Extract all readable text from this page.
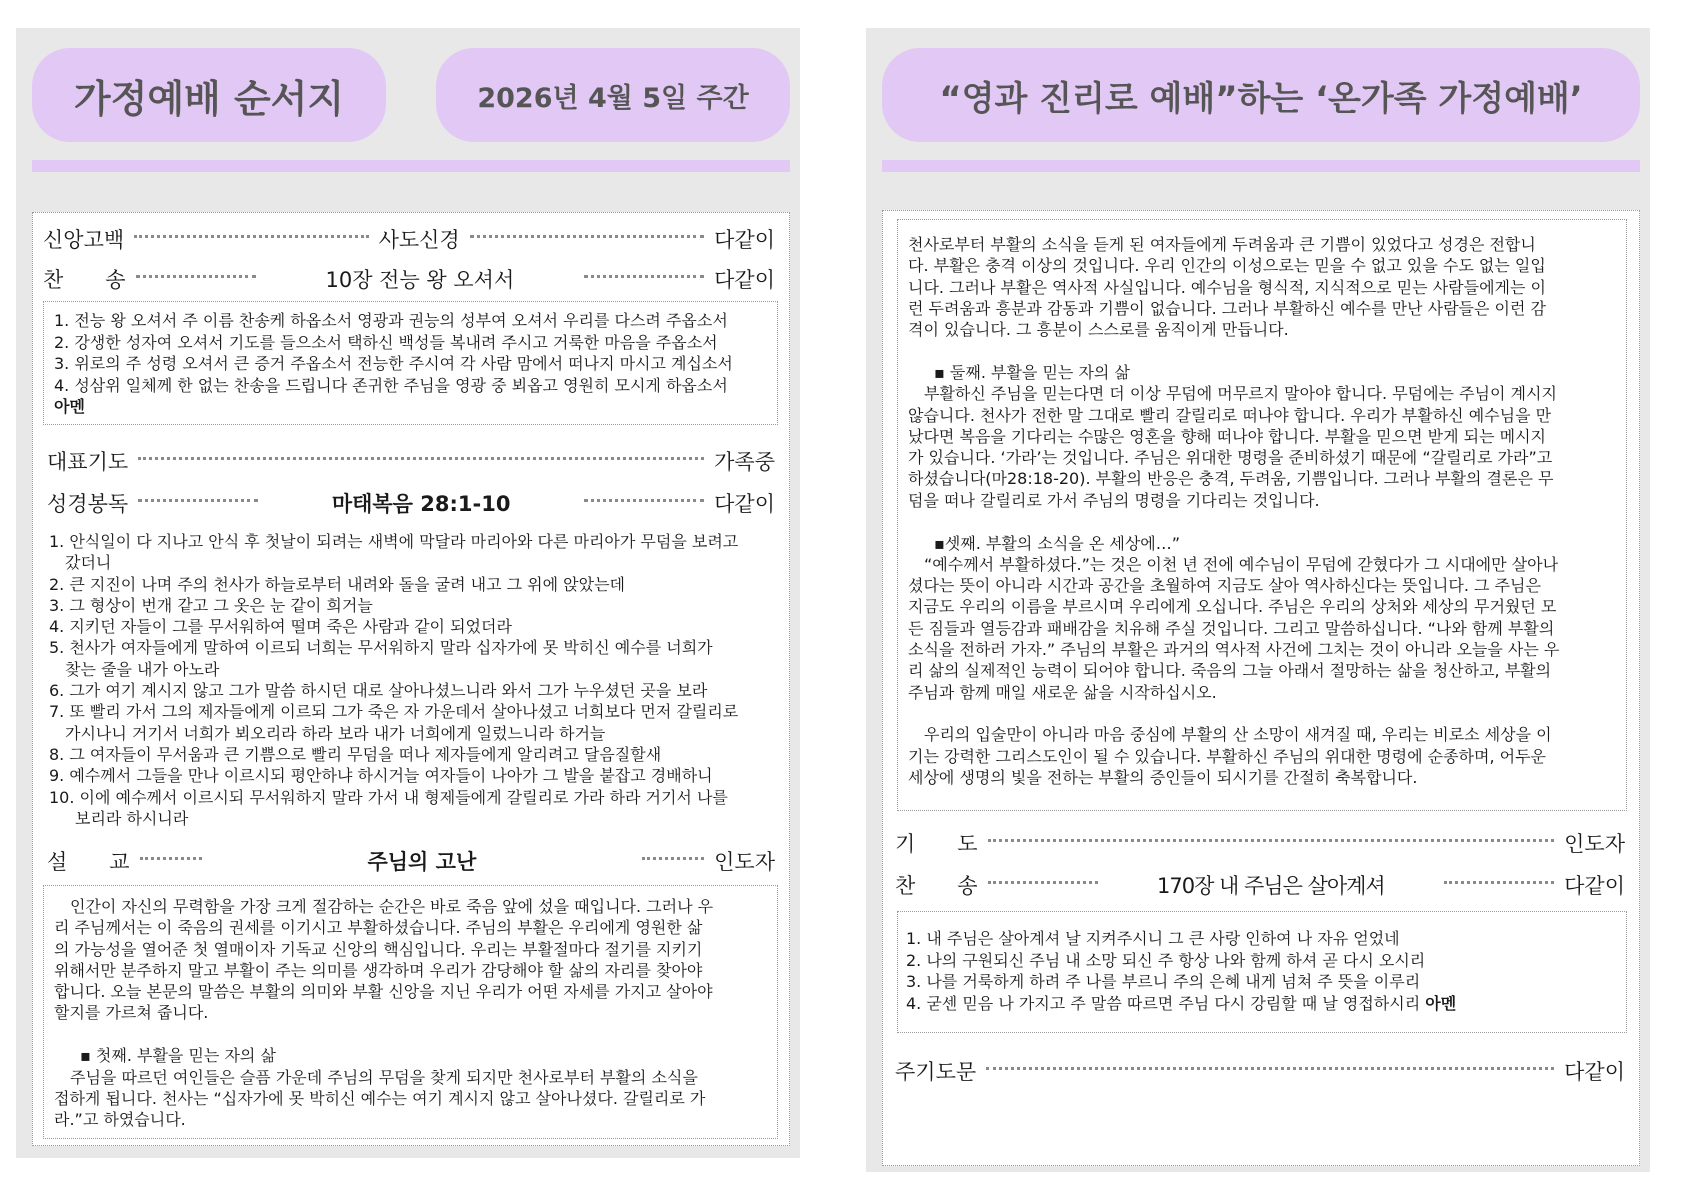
가정예배 순서지	2026년 4월 5일 주간
신앙고백	사도신경	다같이
찬　　송	10장 전능 왕 오셔서	다같이
1. 전능 왕 오셔서 주 이름 찬송케 하옵소서 영광과 권능의 성부여 오셔서 우리를 다스려 주옵소서
2. 강생한 성자여 오셔서 기도를 들으소서 택하신 백성들 복내려 주시고 거룩한 마음을 주옵소서
3. 위로의 주 성령 오셔서 큰 증거 주옵소서 전능한 주시여 각 사람 맘에서 떠나지 마시고 계십소서
4. 성삼위 일체께 한 없는 찬송을 드립니다 존귀한 주님을 영광 중 뵈옵고 영원히 모시게 하옵소서
아멘
대표기도	가족중
성경봉독	마태복음 28:1-10	다같이
1. 안식일이 다 지나고 안식 후 첫날이 되려는 새벽에 막달라 마리아와 다른 마리아가 무덤을 보려고
갔더니
2. 큰 지진이 나며 주의 천사가 하늘로부터 내려와 돌을 굴려 내고 그 위에 앉았는데
3. 그 형상이 번개 같고 그 옷은 눈 같이 희거늘
4. 지키던 자들이 그를 무서워하여 떨며 죽은 사람과 같이 되었더라
5. 천사가 여자들에게 말하여 이르되 너희는 무서워하지 말라 십자가에 못 박히신 예수를 너희가
찾는 줄을 내가 아노라
6. 그가 여기 계시지 않고 그가 말씀 하시던 대로 살아나셨느니라 와서 그가 누우셨던 곳을 보라
7. 또 빨리 가서 그의 제자들에게 이르되 그가 죽은 자 가운데서 살아나셨고 너희보다 먼저 갈릴리로
가시나니 거기서 너희가 뵈오리라 하라 보라 내가 너희에게 일렀느니라 하거늘
8. 그 여자들이 무서움과 큰 기쁨으로 빨리 무덤을 떠나 제자들에게 알리려고 달음질할새
9. 예수께서 그들을 만나 이르시되 평안하냐 하시거늘 여자들이 나아가 그 발을 붙잡고 경배하니
10. 이에 예수께서 이르시되 무서워하지 말라 가서 내 형제들에게 갈릴리로 가라 하라 거기서 나를
보리라 하시니라
설　　교	주님의 고난	인도자
인간이 자신의 무력함을 가장 크게 절감하는 순간은 바로 죽음 앞에 섰을 때입니다. 그러나 우
리 주님께서는 이 죽음의 권세를 이기시고 부활하셨습니다. 주님의 부활은 우리에게 영원한 삶
의 가능성을 열어준 첫 열매이자 기독교 신앙의 핵심입니다. 우리는 부활절마다 절기를 지키기
위해서만 분주하지 말고 부활이 주는 의미를 생각하며 우리가 감당해야 할 삶의 자리를 찾아야
합니다. 오늘 본문의 말씀은 부활의 의미와 부활 신앙을 지닌 우리가 어떤 자세를 가지고 살아야
할지를 가르쳐 줍니다.
▪ 첫째. 부활을 믿는 자의 삶
주님을 따르던 여인들은 슬픔 가운데 주님의 무덤을 찾게 되지만 천사로부터 부활의 소식을
접하게 됩니다. 천사는 “십자가에 못 박히신 예수는 여기 계시지 않고 살아나셨다. 갈릴리로 가
라.”고 하였습니다.
“영과 진리로 예배”하는 ‘온가족 가정예배’
천사로부터 부활의 소식을 듣게 된 여자들에게 두려움과 큰 기쁨이 있었다고 성경은 전합니
다. 부활은 충격 이상의 것입니다. 우리 인간의 이성으로는 믿을 수 없고 있을 수도 없는 일입
니다. 그러나 부활은 역사적 사실입니다. 예수님을 형식적, 지식적으로 믿는 사람들에게는 이
런 두려움과 흥분과 감동과 기쁨이 없습니다. 그러나 부활하신 예수를 만난 사람들은 이런 감
격이 있습니다. 그 흥분이 스스로를 움직이게 만듭니다.
▪ 둘째. 부활을 믿는 자의 삶
부활하신 주님을 믿는다면 더 이상 무덤에 머무르지 말아야 합니다. 무덤에는 주님이 계시지
않습니다. 천사가 전한 말 그대로 빨리 갈릴리로 떠나야 합니다. 우리가 부활하신 예수님을 만
났다면 복음을 기다리는 수많은 영혼을 향해 떠나야 합니다. 부활을 믿으면 받게 되는 메시지
가 있습니다. ‘가라’는 것입니다. 주님은 위대한 명령을 준비하셨기 때문에 “갈릴리로 가라”고
하셨습니다(마28:18-20). 부활의 반응은 충격, 두려움, 기쁨입니다. 그러나 부활의 결론은 무
덤을 떠나 갈릴리로 가서 주님의 명령을 기다리는 것입니다.
▪셋째. 부활의 소식을 온 세상에…”
“예수께서 부활하셨다.”는 것은 이천 년 전에 예수님이 무덤에 갇혔다가 그 시대에만 살아나
셨다는 뜻이 아니라 시간과 공간을 초월하여 지금도 살아 역사하신다는 뜻입니다. 그 주님은
지금도 우리의 이름을 부르시며 우리에게 오십니다. 주님은 우리의 상처와 세상의 무거웠던 모
든 짐들과 열등감과 패배감을 치유해 주실 것입니다. 그리고 말씀하십니다. “나와 함께 부활의
소식을 전하러 가자.” 주님의 부활은 과거의 역사적 사건에 그치는 것이 아니라 오늘을 사는 우
리 삶의 실제적인 능력이 되어야 합니다. 죽음의 그늘 아래서 절망하는 삶을 청산하고, 부활의
주님과 함께 매일 새로운 삶을 시작하십시오.
우리의 입술만이 아니라 마음 중심에 부활의 산 소망이 새겨질 때, 우리는 비로소 세상을 이
기는 강력한 그리스도인이 될 수 있습니다. 부활하신 주님의 위대한 명령에 순종하며, 어두운
세상에 생명의 빛을 전하는 부활의 증인들이 되시기를 간절히 축복합니다.
기　　도	인도자
찬　　송	170장 내 주님은 살아계셔	다같이
1. 내 주님은 살아계셔 날 지켜주시니 그 큰 사랑 인하여 나 자유 얻었네
2. 나의 구원되신 주님 내 소망 되신 주 항상 나와 함께 하셔 곧 다시 오시리
3. 나를 거룩하게 하려 주 나를 부르니 주의 은혜 내게 넘쳐 주 뜻을 이루리
4. 굳센 믿음 나 가지고 주 말씀 따르면 주님 다시 강림할 때 날 영접하시리 아멘
주기도문	다같이
